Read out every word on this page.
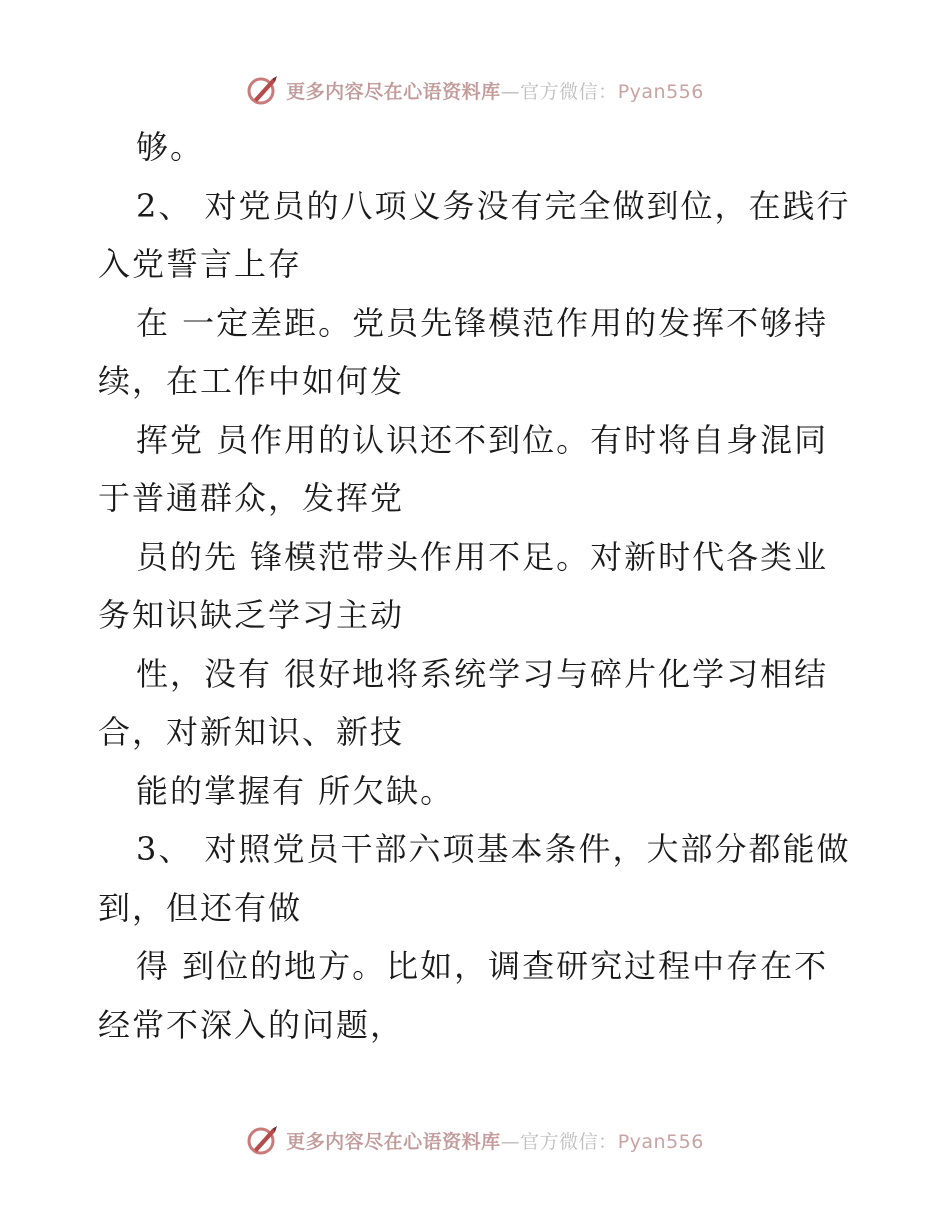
更多内容尽在心语资料库—官方微信：Pyan556
够。
2、 对党员的八项义务没有完全做到位，在践行
入党誓言上存
在 一定差距。党员先锋模范作用的发挥不够持
续，在工作中如何发
挥党 员作用的认识还不到位。有时将自身混同
于普通群众，发挥党
员的先 锋模范带头作用不足。对新时代各类业
务知识缺乏学习主动
性，没有 很好地将系统学习与碎片化学习相结
合，对新知识、新技
能的掌握有 所欠缺。
3、 对照党员干部六项基本条件，大部分都能做
到，但还有做
得 到位的地方。比如，调查研究过程中存在不
经常不深入的问题，
更多内容尽在心语资料库—官方微信：Pyan556
